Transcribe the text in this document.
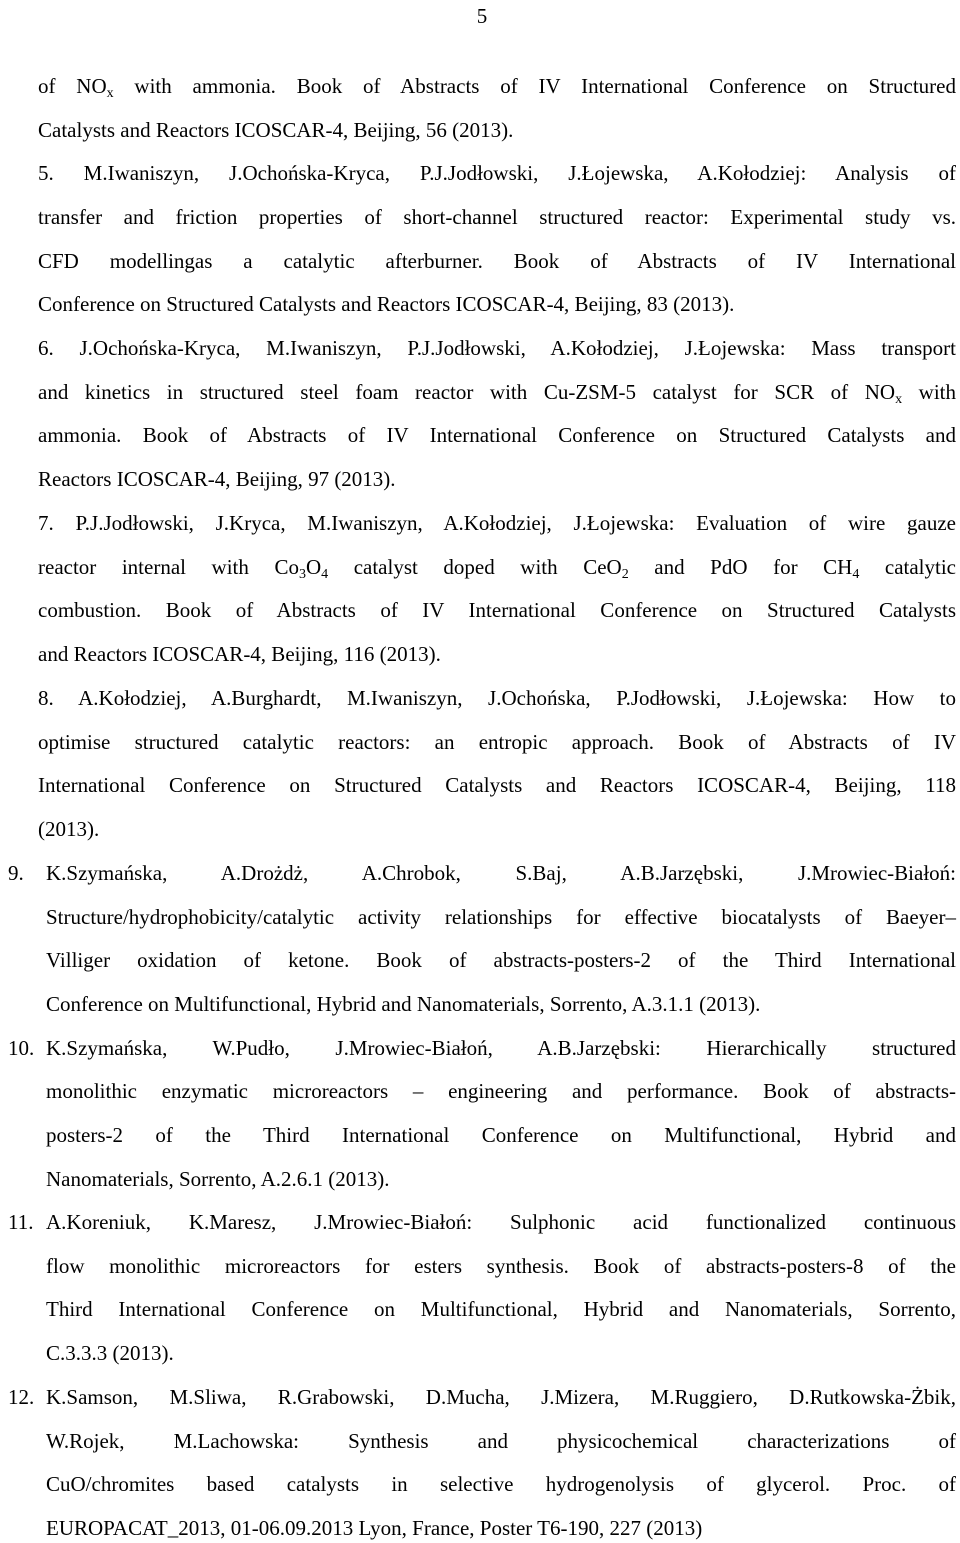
5
of $NO_x$ with ammonia. Book of Abstracts of IV International Conference on Structured
Catalysts and Reactors ICOSCAR-4, Beijing, 56 (2013).
5. M.Iwaniszyn, J.Ochońska-Kryca, P.J.Jodłowski, J.Łojewska, A.Kołodziej: Analysis of
transfer and friction properties of short-channel structured reactor: Experimental study vs.
CFD modellingas a catalytic afterburner. Book of Abstracts of IV International
Conference on Structured Catalysts and Reactors ICOSCAR-4, Beijing, 83 (2013).
6. J.Ochońska-Kryca, M.Iwaniszyn, P.J.Jodłowski, A.Kołodziej, J.Łojewska: Mass transport
and kinetics in structured steel foam reactor with Cu-ZSM-5 catalyst for SCR of $NO_x$ with
ammonia. Book of Abstracts of IV International Conference on Structured Catalysts and
Reactors ICOSCAR-4, Beijing, 97 (2013).
7. P.J.Jodłowski, J.Kryca, M.Iwaniszyn, A.Kołodziej, J.Łojewska: Evaluation of wire gauze
reactor internal with $Co_3O_4$ catalyst doped with CeO$_2$ and PdO for $CH_4$ catalytic
combustion. Book of Abstracts of IV International Conference on Structured Catalysts
and Reactors ICOSCAR-4, Beijing, 116 (2013).
8. A.Kołodziej, A.Burghardt, M.Iwaniszyn, J.Ochońska, P.Jodłowski, J.Łojewska: How to
optimise structured catalytic reactors: an entropic approach. Book of Abstracts of IV
International Conference on Structured Catalysts and Reactors ICOSCAR-4, Beijing, 118
(2013).
9. K.Szymańska, A.Drożdż, A.Chrobok, S.Baj, A.B.Jarzębski, J.Mrowiec-Białoń:
Structure/hydrophobicity/catalytic activity relationships for effective biocatalysts of Baeyer–
Villiger oxidation of ketone. Book of abstracts-posters-2 of the Third International
Conference on Multifunctional, Hybrid and Nanomaterials, Sorrento, A.3.1.1 (2013).
10. K.Szymańska, W.Pudło, J.Mrowiec-Białoń, A.B.Jarzębski: Hierarchically structured
monolithic enzymatic microreactors – engineering and performance. Book of abstracts-
posters-2 of the Third International Conference on Multifunctional, Hybrid and
Nanomaterials, Sorrento, A.2.6.1 (2013).
11. A.Koreniuk, K.Maresz, J.Mrowiec-Białoń: Sulphonic acid functionalized continuous
flow monolithic microreactors for esters synthesis. Book of abstracts-posters-8 of the
Third International Conference on Multifunctional, Hybrid and Nanomaterials, Sorrento,
C.3.3.3 (2013).
12. K.Samson, M.Sliwa, R.Grabowski, D.Mucha, J.Mizera, M.Ruggiero, D.Rutkowska-Żbik,
W.Rojek, M.Lachowska: Synthesis and physicochemical characterizations of
CuO/chromites based catalysts in selective hydrogenolysis of glycerol. Proc. of
EUROPACAT_2013, 01-06.09.2013 Lyon, France, Poster T6-190, 227 (2013)
